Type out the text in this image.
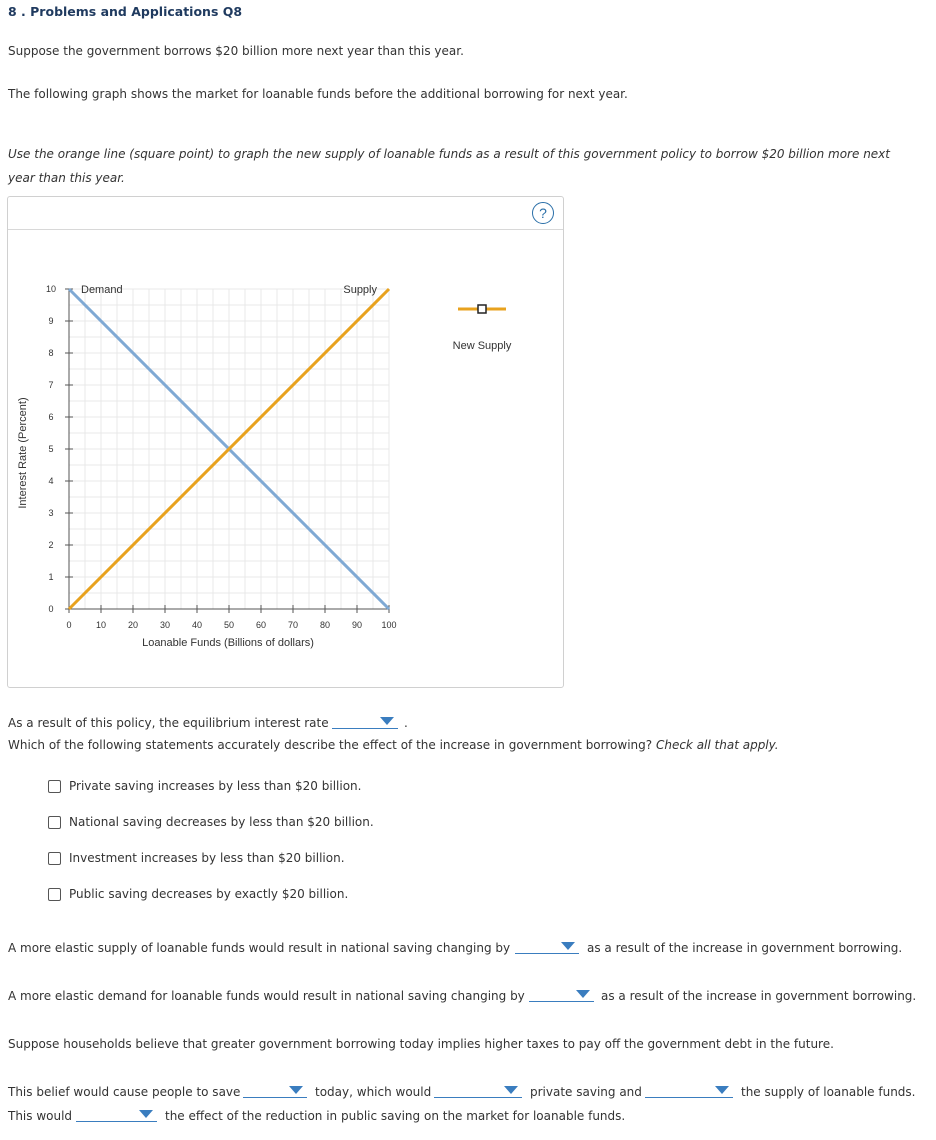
8 . Problems and Applications Q8
Suppose the government borrows $20 billion more next year than this year.
The following graph shows the market for loanable funds before the additional borrowing for next year.
Use the orange line (square point) to graph the new supply of loanable funds as a result of this government policy to borrow $20 billion more next
year than this year.
?
0	10 20 30 40 50 60 70 80 90 100
0
1
2
3
4
5
6
7
8
9
10 Demand	Supply
Loanable Funds (Billions of dollars)
Interest Rate (Percent)
New Supply
As a result of this policy, the equilibrium interest rate	.
Which of the following statements accurately describe the effect of the increase in government borrowing? Check all that apply.
Private saving increases by less than $20 billion.
National saving decreases by less than $20 billion.
Investment increases by less than $20 billion.
Public saving decreases by exactly $20 billion.
A more elastic supply of loanable funds would result in national saving changing by	as a result of the increase in government borrowing.
A more elastic demand for loanable funds would result in national saving changing by	as a result of the increase in government borrowing.
Suppose households believe that greater government borrowing today implies higher taxes to pay off the government debt in the future.
This belief would cause people to save	today, which would	private saving and	the supply of loanable funds.
This would	the effect of the reduction in public saving on the market for loanable funds.
